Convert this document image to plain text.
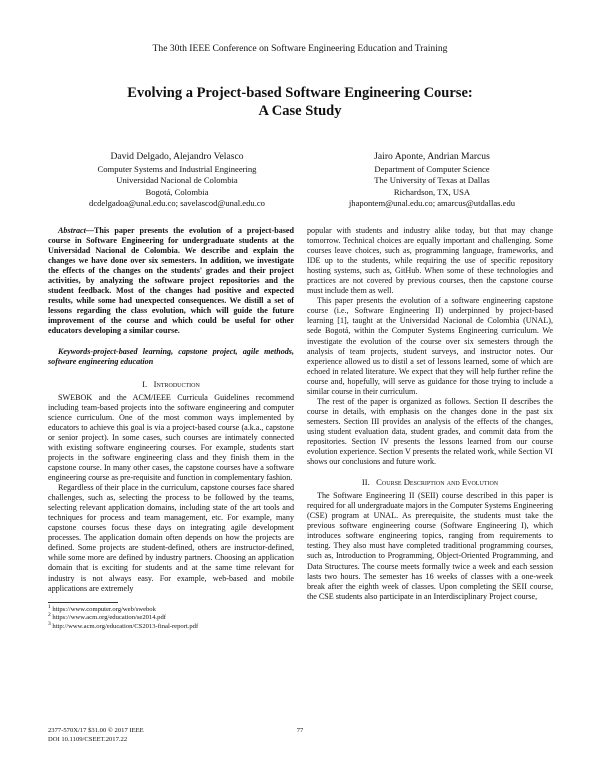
The 30th IEEE Conference on Software Engineering Education and Training
Evolving a Project-based Software Engineering Course:
A Case Study
David Delgado, Alejandro Velasco
Computer Systems and Industrial Engineering
Universidad Nacional de Colombia
Bogotá, Colombia
dcdelgadoa@unal.edu.co; savelascod@unal.edu.co
Jairo Aponte, Andrian Marcus
Department of Computer Science
The University of Texas at Dallas
Richardson, TX, USA
jhapontem@unal.edu.co; amarcus@utdallas.edu

Abstract—This paper presents the evolution of a project-based course in Software Engineering for undergraduate students at the Universidad Nacional de Colombia. We describe and explain the changes we have done over six semesters. In addition, we investigate the effects of the changes on the students' grades and their project activities, by analyzing the software project repositories and the student feedback. Most of the changes had positive and expected results, while some had unexpected consequences. We distill a set of lessons regarding the class evolution, which will guide the future improvement of the course and which could be useful for other educators developing a similar course.

Keywords-project-based learning, capstone project, agile methods, software engineering education

I. Introduction

SWEBOK and the ACM/IEEE Curricula Guidelines recommend including team-based projects into the software engineering and computer science curriculum. One of the most common ways implemented by educators to achieve this goal is via a project-based course (a.k.a., capstone or senior project). In some cases, such courses are intimately connected with existing software engineering courses. For example, students start projects in the software engineering class and they finish them in the capstone course. In many other cases, the capstone courses have a software engineering course as pre-requisite and function in complementary fashion.

Regardless of their place in the curriculum, capstone courses face shared challenges, such as, selecting the process to be followed by the teams, selecting relevant application domains, including state of the art tools and techniques for process and team management, etc. For example, many capstone courses focus these days on integrating agile development processes. The application domain often depends on how the projects are defined. Some projects are student-defined, others are instructor-defined, while some more are defined by industry partners. Choosing an application domain that is exciting for students and at the same time relevant for industry is not always easy. For example, web-based and mobile applications are extremely

$^1$ https://www.computer.org/web/swebok
$^2$ https://www.acm.org/education/se2014.pdf
$^3$ http://www.acm.org/education/CS2013-final-report.pdf

popular with students and industry alike today, but that may change tomorrow. Technical choices are equally important and challenging. Some courses leave choices, such as, programming language, frameworks, and IDE up to the students, while requiring the use of specific repository hosting systems, such as, GitHub. When some of these technologies and practices are not covered by previous courses, then the capstone course must include them as well.

This paper presents the evolution of a software engineering capstone course (i.e., Software Engineering II) underpinned by project-based learning [1], taught at the Universidad Nacional de Colombia (UNAL), sede Bogotá, within the Computer Systems Engineering curriculum. We investigate the evolution of the course over six semesters through the analysis of team projects, student surveys, and instructor notes. Our experience allowed us to distil a set of lessons learned, some of which are echoed in related literature. We expect that they will help further refine the course and, hopefully, will serve as guidance for those trying to include a similar course in their curriculum.

The rest of the paper is organized as follows. Section II describes the course in details, with emphasis on the changes done in the past six semesters. Section III provides an analysis of the effects of the changes, using student evaluation data, student grades, and commit data from the repositories. Section IV presents the lessons learned from our course evolution experience. Section V presents the related work, while Section VI shows our conclusions and future work.

II. Course Description and Evolution

The Software Engineering II (SEII) course described in this paper is required for all undergraduate majors in the Computer Systems Engineering (CSE) program at UNAL. As prerequisite, the students must take the previous software engineering course (Software Engineering I), which introduces software engineering topics, ranging from requirements to testing. They also must have completed traditional programming courses, such as, Introduction to Programming, Object-Oriented Programming, and Data Structures. The course meets formally twice a week and each session lasts two hours. The semester has 16 weeks of classes with a one-week break after the eighth week of classes. Upon completing the SEII course, the CSE students also participate in an Interdisciplinary Project course,

2377-570X/17 $31.00 © 2017 IEEE
DOI 10.1109/CSEET.2017.22
77
